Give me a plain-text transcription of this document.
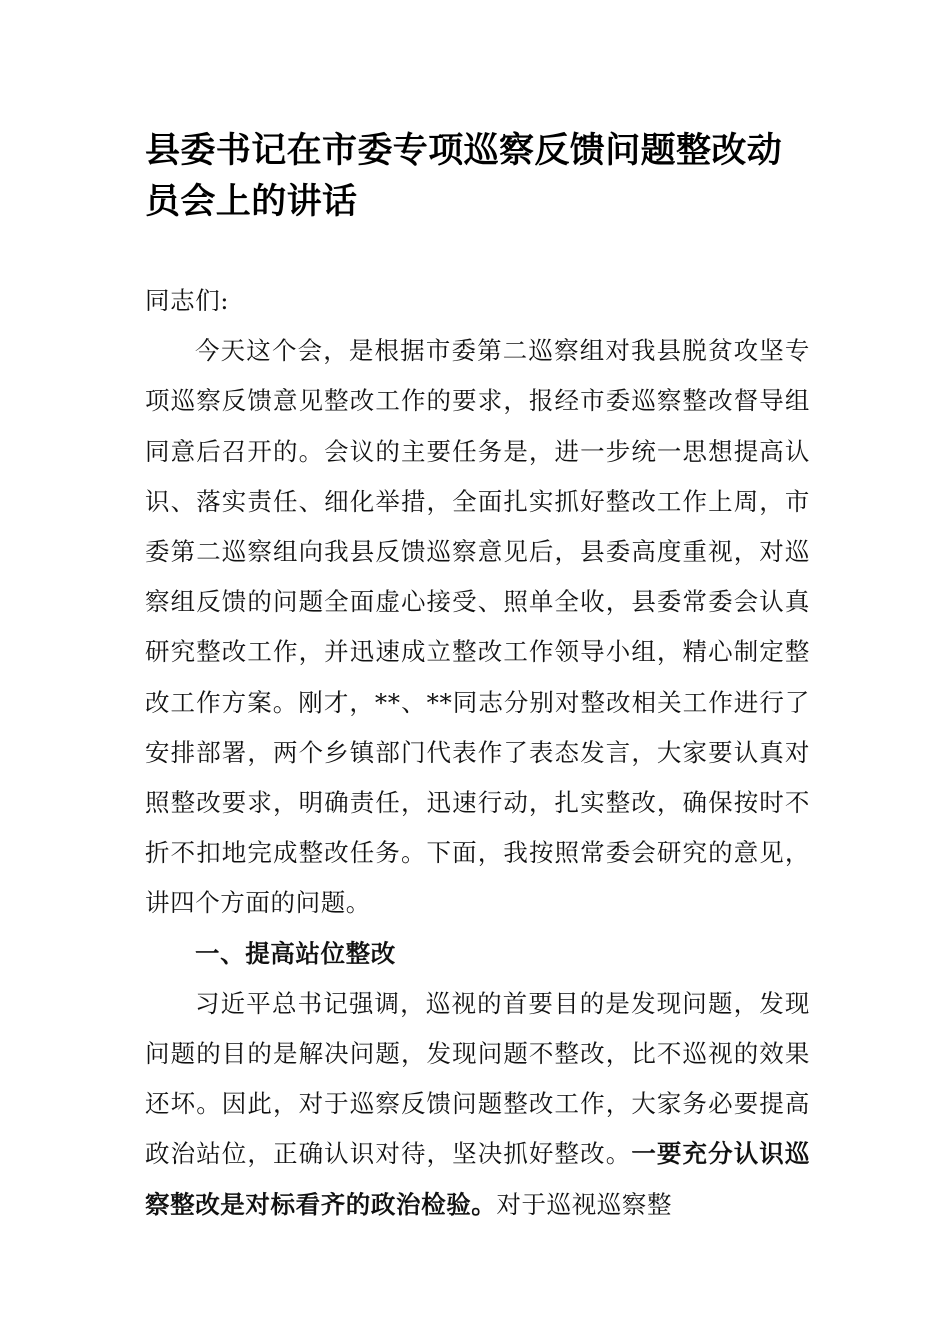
县委书记在市委专项巡察反馈问题整改动员会上的讲话

同志们:

今天这个会，是根据市委第二巡察组对我县脱贫攻坚专项巡察反馈意见整改工作的要求，报经市委巡察整改督导组同意后召开的。会议的主要任务是，进一步统一思想提高认识、落实责任、细化举措，全面扎实抓好整改工作上周，市委第二巡察组向我县反馈巡察意见后，县委高度重视，对巡察组反馈的问题全面虚心接受、照单全收，县委常委会认真研究整改工作，并迅速成立整改工作领导小组，精心制定整改工作方案。刚才，**、**同志分别对整改相关工作进行了安排部署，两个乡镇部门代表作了表态发言，大家要认真对照整改要求，明确责任，迅速行动，扎实整改，确保按时不折不扣地完成整改任务。下面，我按照常委会研究的意见，讲四个方面的问题。

一、提高站位整改

习近平总书记强调，巡视的首要目的是发现问题，发现问题的目的是解决问题，发现问题不整改，比不巡视的效果还坏。因此，对于巡察反馈问题整改工作，大家务必要提高政治站位，正确认识对待，坚决抓好整改。一要充分认识巡察整改是对标看齐的政治检验。对于巡视巡察整
